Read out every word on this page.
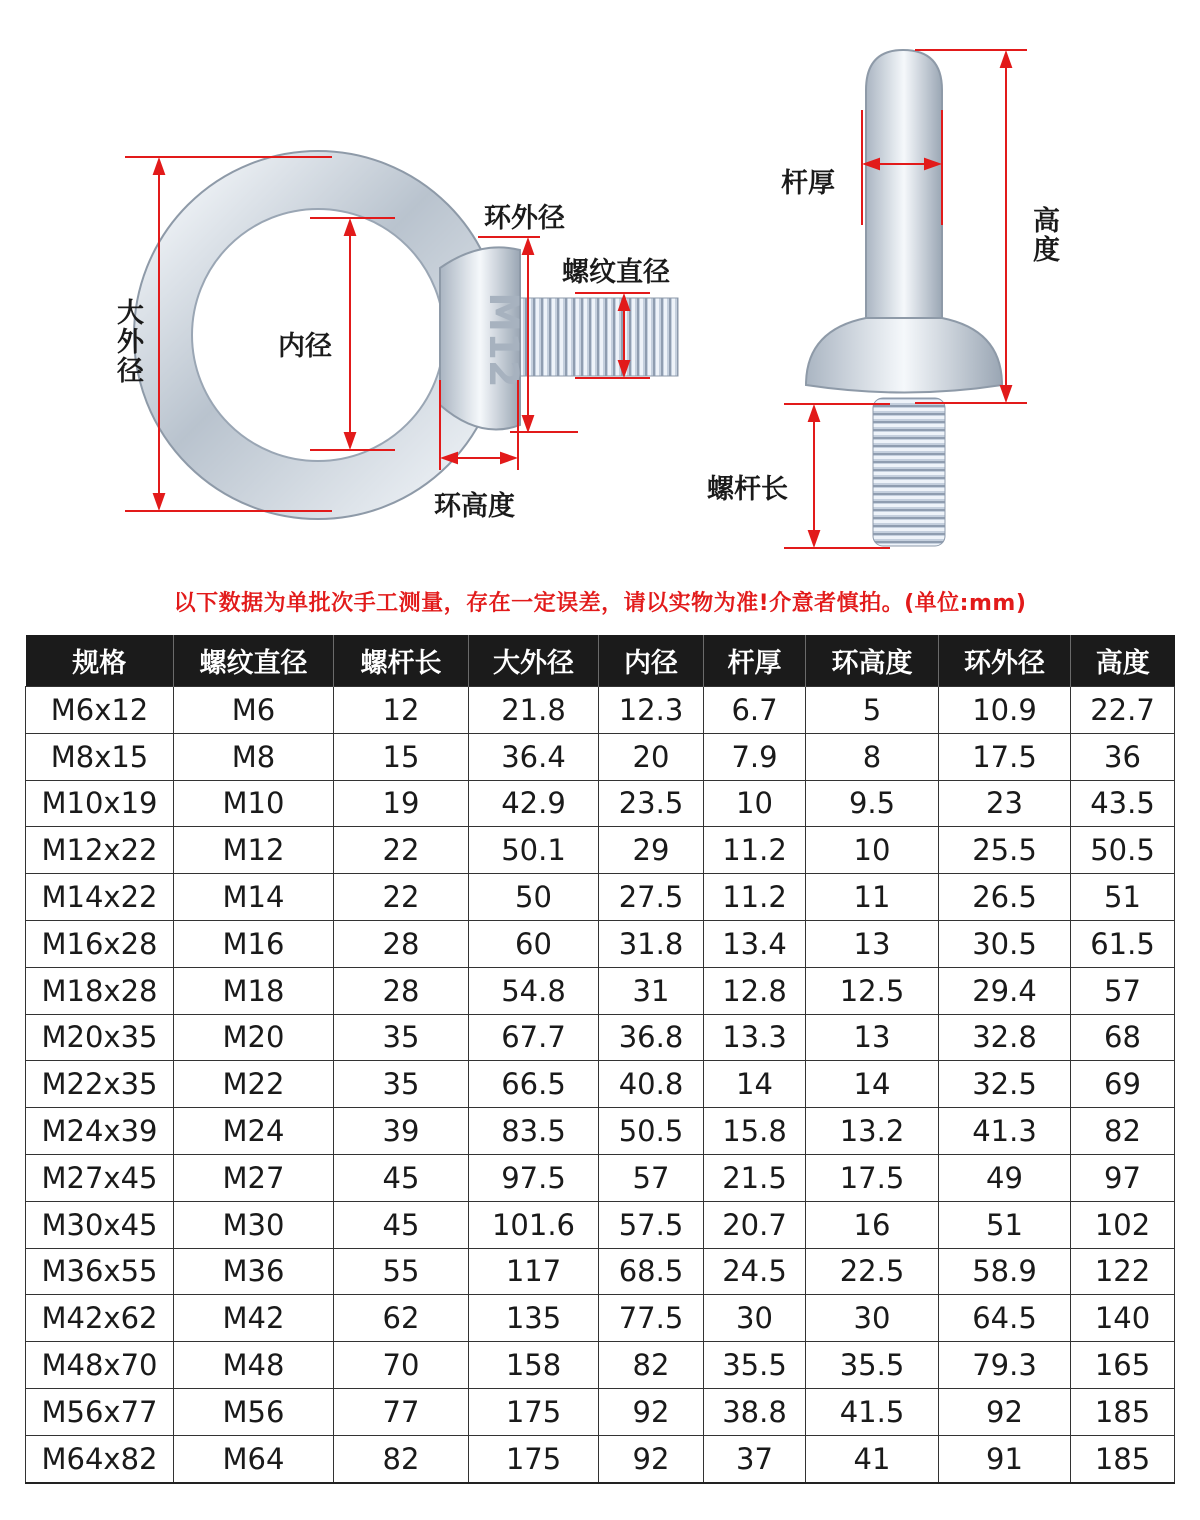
M12
大外径	内径
环外径
螺纹直径
环高度
杆厚
高度
螺杆长
以下数据为单批次手工测量，存在一定误差，请以实物为准!介意者慎拍。(单位:mm)
规格	螺纹直径	螺杆长	大外径	内径	杆厚	环高度	环外径	高度
M6x12	M6	12	21.8	12.3	6.7	5	10.9	22.7
M8x15	M8	15	36.4	20	7.9	8	17.5	36
M10x19	M10	19	42.9	23.5	10	9.5	23	43.5
M12x22	M12	22	50.1	29	11.2	10	25.5	50.5
M14x22	M14	22	50	27.5	11.2	11	26.5	51
M16x28	M16	28	60	31.8	13.4	13	30.5	61.5
M18x28	M18	28	54.8	31	12.8	12.5	29.4	57
M20x35	M20	35	67.7	36.8	13.3	13	32.8	68
M22x35	M22	35	66.5	40.8	14	14	32.5	69
M24x39	M24	39	83.5	50.5	15.8	13.2	41.3	82
M27x45	M27	45	97.5	57	21.5	17.5	49	97
M30x45	M30	45	101.6	57.5	20.7	16	51	102
M36x55	M36	55	117	68.5	24.5	22.5	58.9	122
M42x62	M42	62	135	77.5	30	30	64.5	140
M48x70	M48	70	158	82	35.5	35.5	79.3	165
M56x77	M56	77	175	92	38.8	41.5	92	185
M64x82	M64	82	175	92	37	41	91	185
